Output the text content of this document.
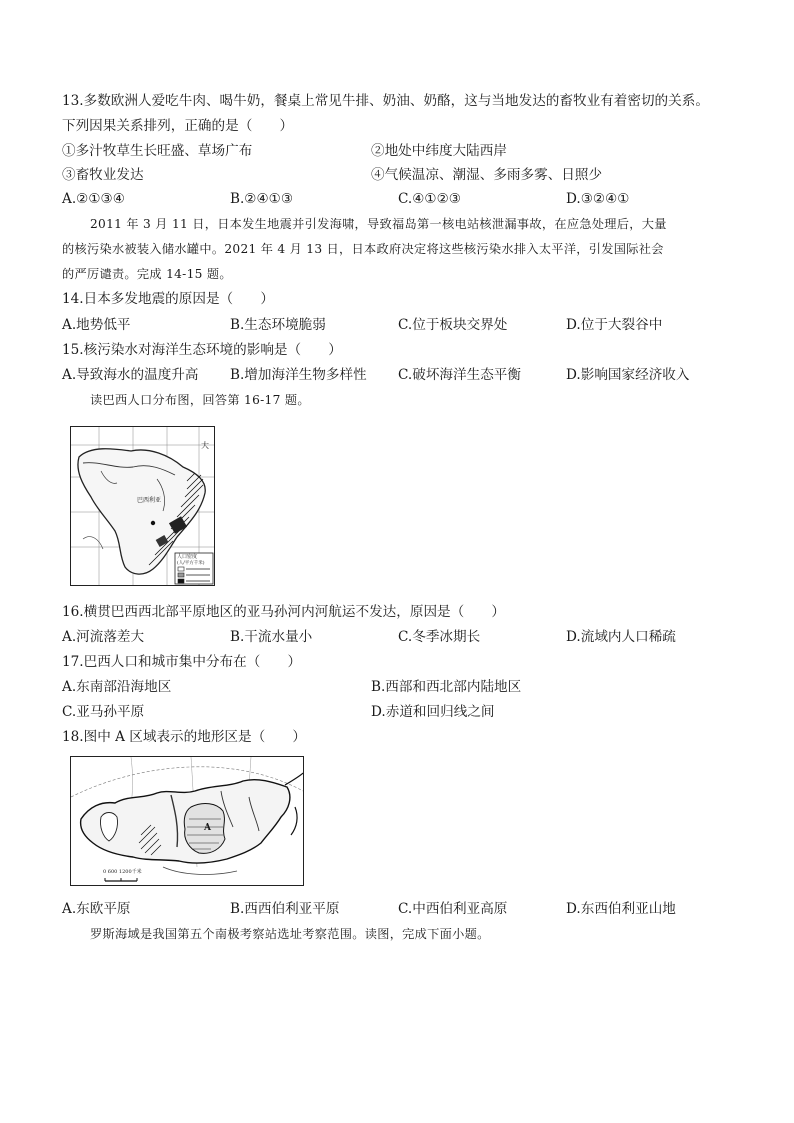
13.多数欧洲人爱吃牛肉、喝牛奶，餐桌上常见牛排、奶油、奶酪，这与当地发达的畜牧业有着密切的关系。
下列因果关系排列，正确的是（　　）
①多汁牧草生长旺盛、草场广布	②地处中纬度大陆西岸
③畜牧业发达	④气候温凉、潮湿、多雨多雾、日照少
A.②①③④	B.②④①③	C.④①②③	D.③②④①
2011 年 3 月 11 日，日本发生地震并引发海啸，导致福岛第一核电站核泄漏事故，在应急处理后，大量
的核污染水被装入储水罐中。2021 年 4 月 13 日，日本政府决定将这些核污染水排入太平洋，引发国际社会
的严厉谴责。完成 14-15 题。
14.日本多发地震的原因是（　　）
A.地势低平	B.生态环境脆弱	C.位于板块交界处	D.位于大裂谷中
15.核污染水对海洋生态环境的影响是（　　）
A.导致海水的温度升高 B.增加海洋生物多样性 C.破坏海洋生态平衡	D.影响国家经济收入
读巴西人口分布图，回答第 16-17 题。
巴西利亚
大
人口密度
(人/平方千米)
16.横贯巴西西北部平原地区的亚马孙河内河航运不发达，原因是（　　）
A.河流落差大	B.干流水量小	C.冬季冰期长	D.流域内人口稀疏
17.巴西人口和城市集中分布在（　　）
A.东南部沿海地区	B.西部和西北部内陆地区
C.亚马孙平原	D.赤道和回归线之间
18.图中 A 区域表示的地形区是（　　）
A
0 600 1200千米
A.东欧平原	B.西西伯利亚平原	C.中西伯利亚高原	D.东西伯利亚山地
罗斯海域是我国第五个南极考察站选址考察范围。读图，完成下面小题。
